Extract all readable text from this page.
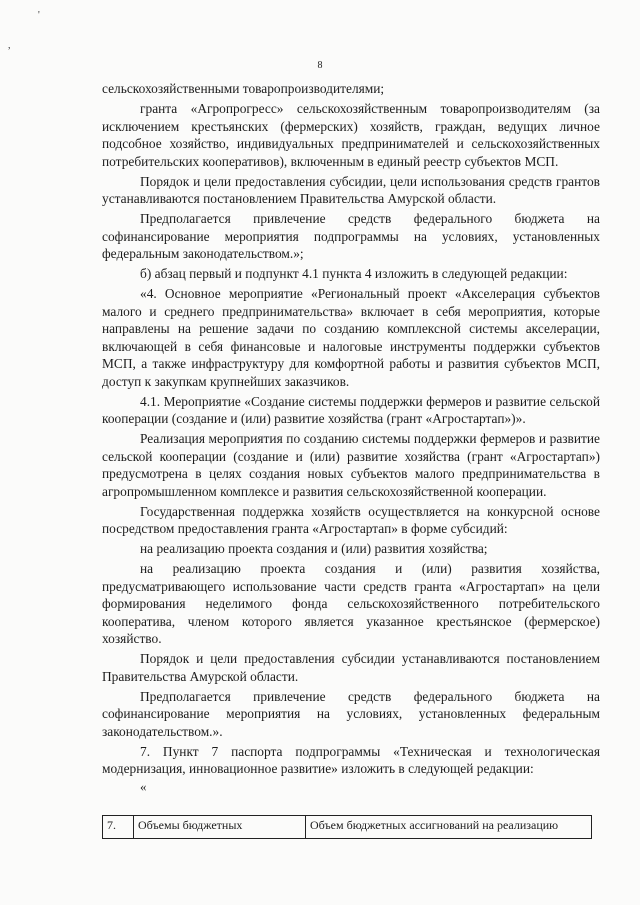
'
,
8

сельскохозяйственными товаропроизводителями;

гранта «Агропрогресс» сельскохозяйственным товаропроизводителям (за исключением крестьянских (фермерских) хозяйств, граждан, ведущих личное подсобное хозяйство, индивидуальных предпринимателей и сельскохозяйственных потребительских кооперативов), включенным в единый реестр субъектов МСП.

Порядок и цели предоставления субсидии, цели использования средств грантов устанавливаются постановлением Правительства Амурской области.

Предполагается привлечение средств федерального бюджета на софинансирование мероприятия подпрограммы на условиях, установленных федеральным законодательством.»;

б) абзац первый и подпункт 4.1 пункта 4 изложить в следующей редакции:

«4. Основное мероприятие «Региональный проект «Акселерация субъектов малого и среднего предпринимательства» включает в себя мероприятия, которые направлены на решение задачи по созданию комплексной системы акселерации, включающей в себя финансовые и налоговые инструменты поддержки субъектов МСП, а также инфраструктуру для комфортной работы и развития субъектов МСП, доступ к закупкам крупнейших заказчиков.

4.1. Мероприятие «Создание системы поддержки фермеров и развитие сельской кооперации (создание и (или) развитие хозяйства (грант «Агростартап»)».

Реализация мероприятия по созданию системы поддержки фермеров и развитие сельской кооперации (создание и (или) развитие хозяйства (грант «Агростартап») предусмотрена в целях создания новых субъектов малого предпринимательства в агропромышленном комплексе и развития сельскохозяйственной кооперации.

Государственная поддержка хозяйств осуществляется на конкурсной основе посредством предоставления гранта «Агростартап» в форме субсидий:

на реализацию проекта создания и (или) развития хозяйства;

на реализацию проекта создания и (или) развития хозяйства, предусматривающего использование части средств гранта «Агростартап» на цели формирования неделимого фонда сельскохозяйственного потребительского кооператива, членом которого является указанное крестьянское (фермерское) хозяйство.

Порядок и цели предоставления субсидии устанавливаются постановлением Правительства Амурской области.

Предполагается привлечение средств федерального бюджета на софинансирование мероприятия на условиях, установленных федеральным законодательством.».

7. Пункт 7 паспорта подпрограммы «Техническая и технологическая модернизация, инновационное развитие» изложить в следующей редакции:

«
7.	Объемы бюджетных	Объем бюджетных ассигнований на реализацию
